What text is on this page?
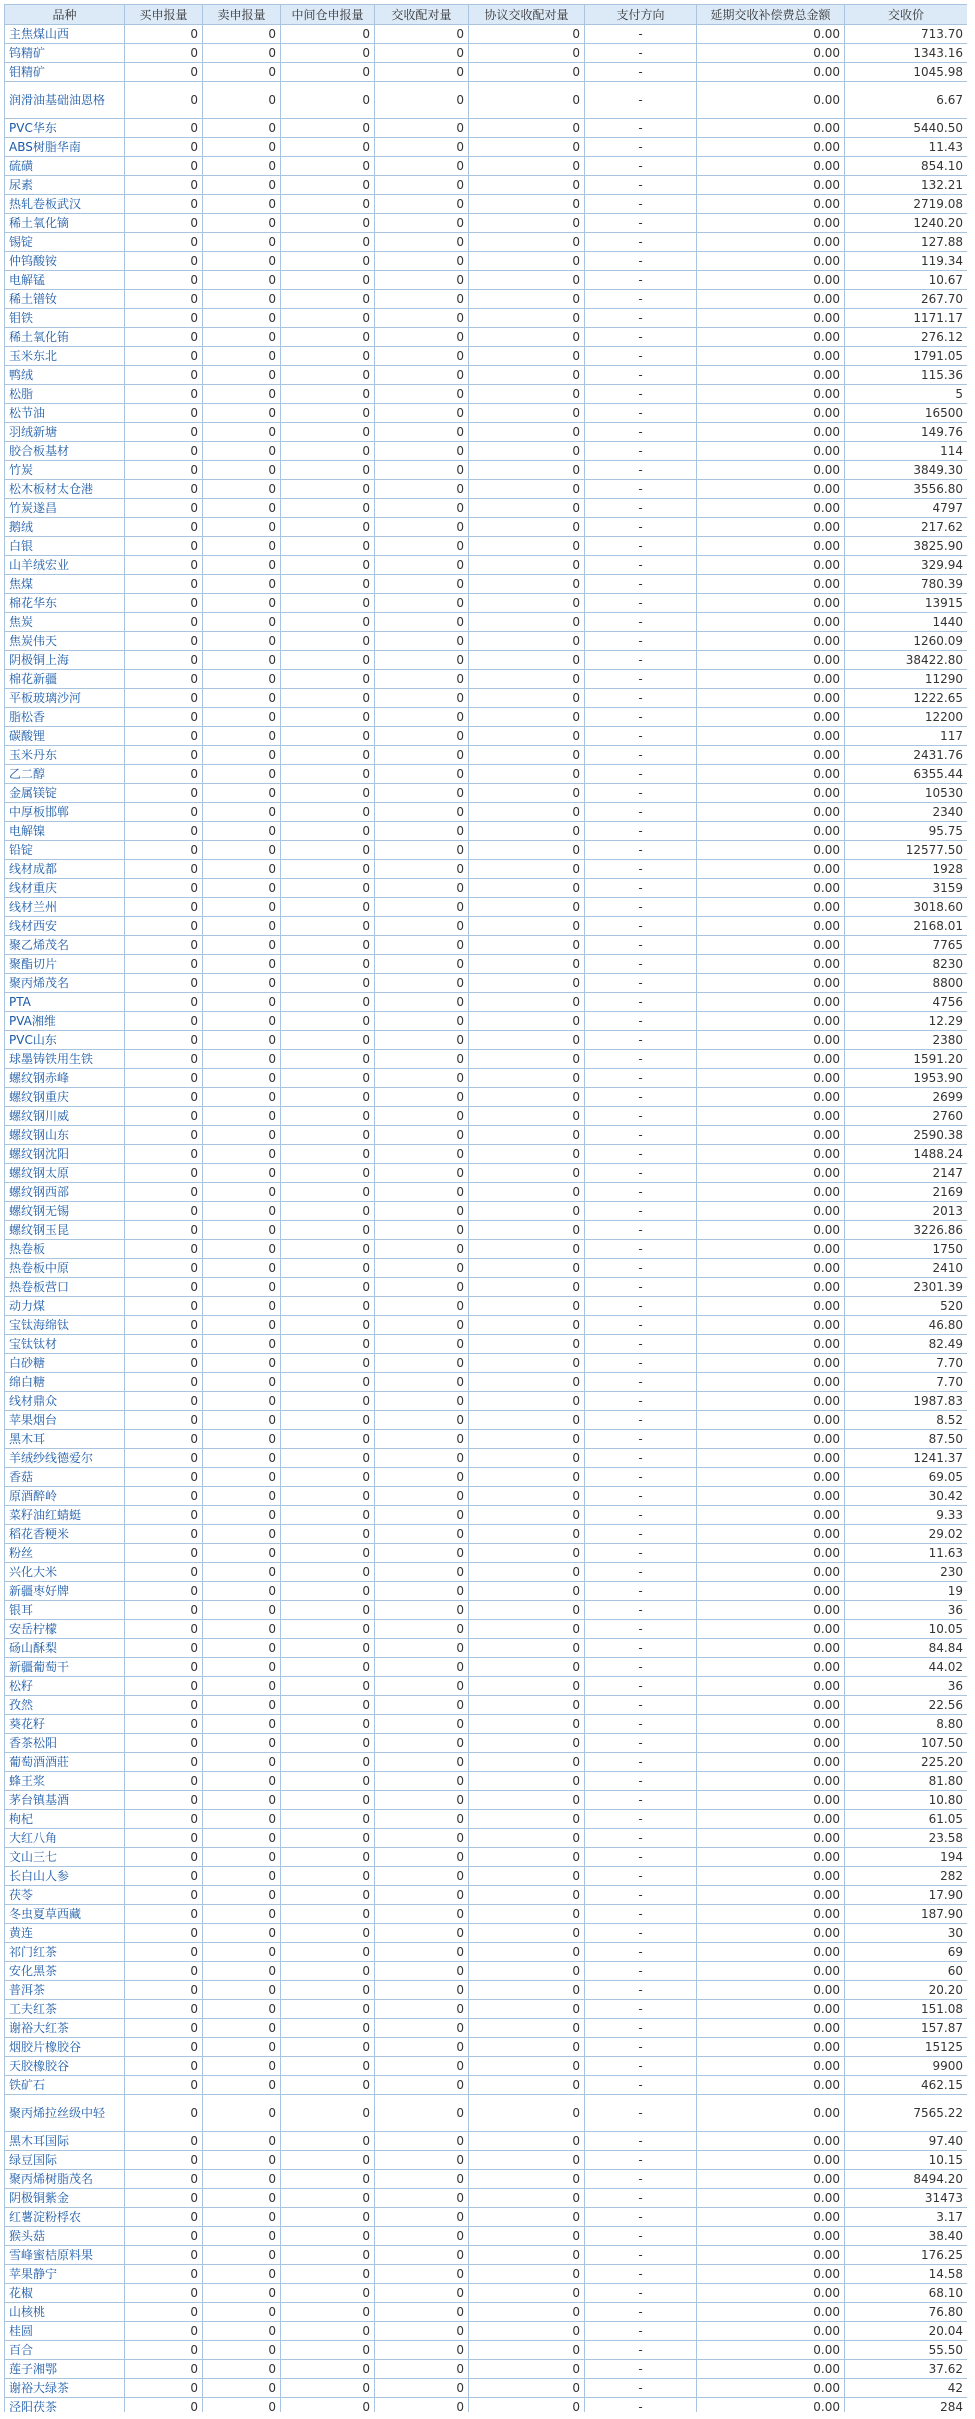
品种	买申报量	卖申报量	中间仓申报量	交收配对量	协议交收配对量	支付方向	延期交收补偿费总金额	交收价
主焦煤山西	0	0	0	0	0	-	0.00	713.70
钨精矿	0	0	0	0	0	-	0.00	1343.16
钼精矿	0	0	0	0	0	-	0.00	1045.98
润滑油基础油恩格	0	0	0	0	0	-	0.00	6.67
PVC华东	0	0	0	0	0	-	0.00	5440.50
ABS树脂华南	0	0	0	0	0	-	0.00	11.43
硫磺	0	0	0	0	0	-	0.00	854.10
尿素	0	0	0	0	0	-	0.00	132.21
热轧卷板武汉	0	0	0	0	0	-	0.00	2719.08
稀土氧化镝	0	0	0	0	0	-	0.00	1240.20
锡锭	0	0	0	0	0	-	0.00	127.88
仲钨酸铵	0	0	0	0	0	-	0.00	119.34
电解锰	0	0	0	0	0	-	0.00	10.67
稀土镨钕	0	0	0	0	0	-	0.00	267.70
钼铁	0	0	0	0	0	-	0.00	1171.17
稀土氧化铕	0	0	0	0	0	-	0.00	276.12
玉米东北	0	0	0	0	0	-	0.00	1791.05
鸭绒	0	0	0	0	0	-	0.00	115.36
松脂	0	0	0	0	0	-	0.00	5
松节油	0	0	0	0	0	-	0.00	16500
羽绒新塘	0	0	0	0	0	-	0.00	149.76
胶合板基材	0	0	0	0	0	-	0.00	114
竹炭	0	0	0	0	0	-	0.00	3849.30
松木板材太仓港	0	0	0	0	0	-	0.00	3556.80
竹炭遂昌	0	0	0	0	0	-	0.00	4797
鹅绒	0	0	0	0	0	-	0.00	217.62
白银	0	0	0	0	0	-	0.00	3825.90
山羊绒宏业	0	0	0	0	0	-	0.00	329.94
焦煤	0	0	0	0	0	-	0.00	780.39
棉花华东	0	0	0	0	0	-	0.00	13915
焦炭	0	0	0	0	0	-	0.00	1440
焦炭伟天	0	0	0	0	0	-	0.00	1260.09
阴极铜上海	0	0	0	0	0	-	0.00	38422.80
棉花新疆	0	0	0	0	0	-	0.00	11290
平板玻璃沙河	0	0	0	0	0	-	0.00	1222.65
脂松香	0	0	0	0	0	-	0.00	12200
碳酸锂	0	0	0	0	0	-	0.00	117
玉米丹东	0	0	0	0	0	-	0.00	2431.76
乙二醇	0	0	0	0	0	-	0.00	6355.44
金属镁锭	0	0	0	0	0	-	0.00	10530
中厚板邯郸	0	0	0	0	0	-	0.00	2340
电解镍	0	0	0	0	0	-	0.00	95.75
铅锭	0	0	0	0	0	-	0.00	12577.50
线材成都	0	0	0	0	0	-	0.00	1928
线材重庆	0	0	0	0	0	-	0.00	3159
线材兰州	0	0	0	0	0	-	0.00	3018.60
线材西安	0	0	0	0	0	-	0.00	2168.01
聚乙烯茂名	0	0	0	0	0	-	0.00	7765
聚酯切片	0	0	0	0	0	-	0.00	8230
聚丙烯茂名	0	0	0	0	0	-	0.00	8800
PTA	0	0	0	0	0	-	0.00	4756
PVA湘维	0	0	0	0	0	-	0.00	12.29
PVC山东	0	0	0	0	0	-	0.00	2380
球墨铸铁用生铁	0	0	0	0	0	-	0.00	1591.20
螺纹钢赤峰	0	0	0	0	0	-	0.00	1953.90
螺纹钢重庆	0	0	0	0	0	-	0.00	2699
螺纹钢川威	0	0	0	0	0	-	0.00	2760
螺纹钢山东	0	0	0	0	0	-	0.00	2590.38
螺纹钢沈阳	0	0	0	0	0	-	0.00	1488.24
螺纹钢太原	0	0	0	0	0	-	0.00	2147
螺纹钢西部	0	0	0	0	0	-	0.00	2169
螺纹钢无锡	0	0	0	0	0	-	0.00	2013
螺纹钢玉昆	0	0	0	0	0	-	0.00	3226.86
热卷板	0	0	0	0	0	-	0.00	1750
热卷板中原	0	0	0	0	0	-	0.00	2410
热卷板营口	0	0	0	0	0	-	0.00	2301.39
动力煤	0	0	0	0	0	-	0.00	520
宝钛海绵钛	0	0	0	0	0	-	0.00	46.80
宝钛钛材	0	0	0	0	0	-	0.00	82.49
白砂糖	0	0	0	0	0	-	0.00	7.70
绵白糖	0	0	0	0	0	-	0.00	7.70
线材鼎众	0	0	0	0	0	-	0.00	1987.83
苹果烟台	0	0	0	0	0	-	0.00	8.52
黑木耳	0	0	0	0	0	-	0.00	87.50
羊绒纱线德爱尔	0	0	0	0	0	-	0.00	1241.37
香菇	0	0	0	0	0	-	0.00	69.05
原酒醉岭	0	0	0	0	0	-	0.00	30.42
菜籽油红蜻蜓	0	0	0	0	0	-	0.00	9.33
稻花香粳米	0	0	0	0	0	-	0.00	29.02
粉丝	0	0	0	0	0	-	0.00	11.63
兴化大米	0	0	0	0	0	-	0.00	230
新疆枣好牌	0	0	0	0	0	-	0.00	19
银耳	0	0	0	0	0	-	0.00	36
安岳柠檬	0	0	0	0	0	-	0.00	10.05
砀山酥梨	0	0	0	0	0	-	0.00	84.84
新疆葡萄干	0	0	0	0	0	-	0.00	44.02
松籽	0	0	0	0	0	-	0.00	36
孜然	0	0	0	0	0	-	0.00	22.56
葵花籽	0	0	0	0	0	-	0.00	8.80
香茶松阳	0	0	0	0	0	-	0.00	107.50
葡萄酒酒莊	0	0	0	0	0	-	0.00	225.20
蜂王浆	0	0	0	0	0	-	0.00	81.80
茅台镇基酒	0	0	0	0	0	-	0.00	10.80
枸杞	0	0	0	0	0	-	0.00	61.05
大红八角	0	0	0	0	0	-	0.00	23.58
文山三七	0	0	0	0	0	-	0.00	194
长白山人参	0	0	0	0	0	-	0.00	282
茯苓	0	0	0	0	0	-	0.00	17.90
冬虫夏草西藏	0	0	0	0	0	-	0.00	187.90
黄连	0	0	0	0	0	-	0.00	30
祁门红茶	0	0	0	0	0	-	0.00	69
安化黑茶	0	0	0	0	0	-	0.00	60
普洱茶	0	0	0	0	0	-	0.00	20.20
工夫红茶	0	0	0	0	0	-	0.00	151.08
谢裕大红茶	0	0	0	0	0	-	0.00	157.87
烟胶片橡胶谷	0	0	0	0	0	-	0.00	15125
天胶橡胶谷	0	0	0	0	0	-	0.00	9900
铁矿石	0	0	0	0	0	-	0.00	462.15
聚丙烯拉丝级中轻	0	0	0	0	0	-	0.00	7565.22
黑木耳国际	0	0	0	0	0	-	0.00	97.40
绿豆国际	0	0	0	0	0	-	0.00	10.15
聚丙烯树脂茂名	0	0	0	0	0	-	0.00	8494.20
阴极铜紫金	0	0	0	0	0	-	0.00	31473
红薯淀粉桴农	0	0	0	0	0	-	0.00	3.17
猴头菇	0	0	0	0	0	-	0.00	38.40
雪峰蜜桔原料果	0	0	0	0	0	-	0.00	176.25
苹果静宁	0	0	0	0	0	-	0.00	14.58
花椒	0	0	0	0	0	-	0.00	68.10
山核桃	0	0	0	0	0	-	0.00	76.80
桂圆	0	0	0	0	0	-	0.00	20.04
百合	0	0	0	0	0	-	0.00	55.50
莲子湘鄂	0	0	0	0	0	-	0.00	37.62
谢裕大绿茶	0	0	0	0	0	-	0.00	42
泾阳茯茶	0	0	0	0	0	-	0.00	284
